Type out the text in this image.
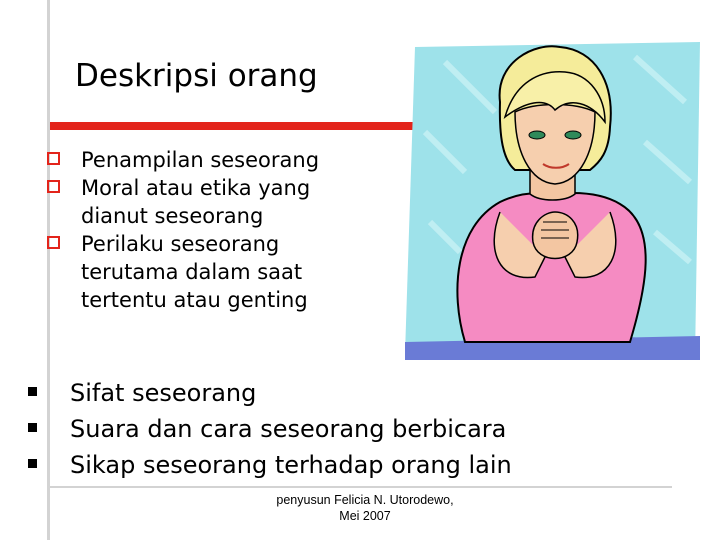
Deskripsi orang
Penampilan seseorang
Moral atau etika yang
dianut seseorang
Perilaku seseorang
terutama dalam saat
tertentu atau genting
Sifat seseorang
Suara dan cara seseorang berbicara
Sikap seseorang terhadap orang lain
penyusun Felicia N. Utorodewo,
Mei 2007
